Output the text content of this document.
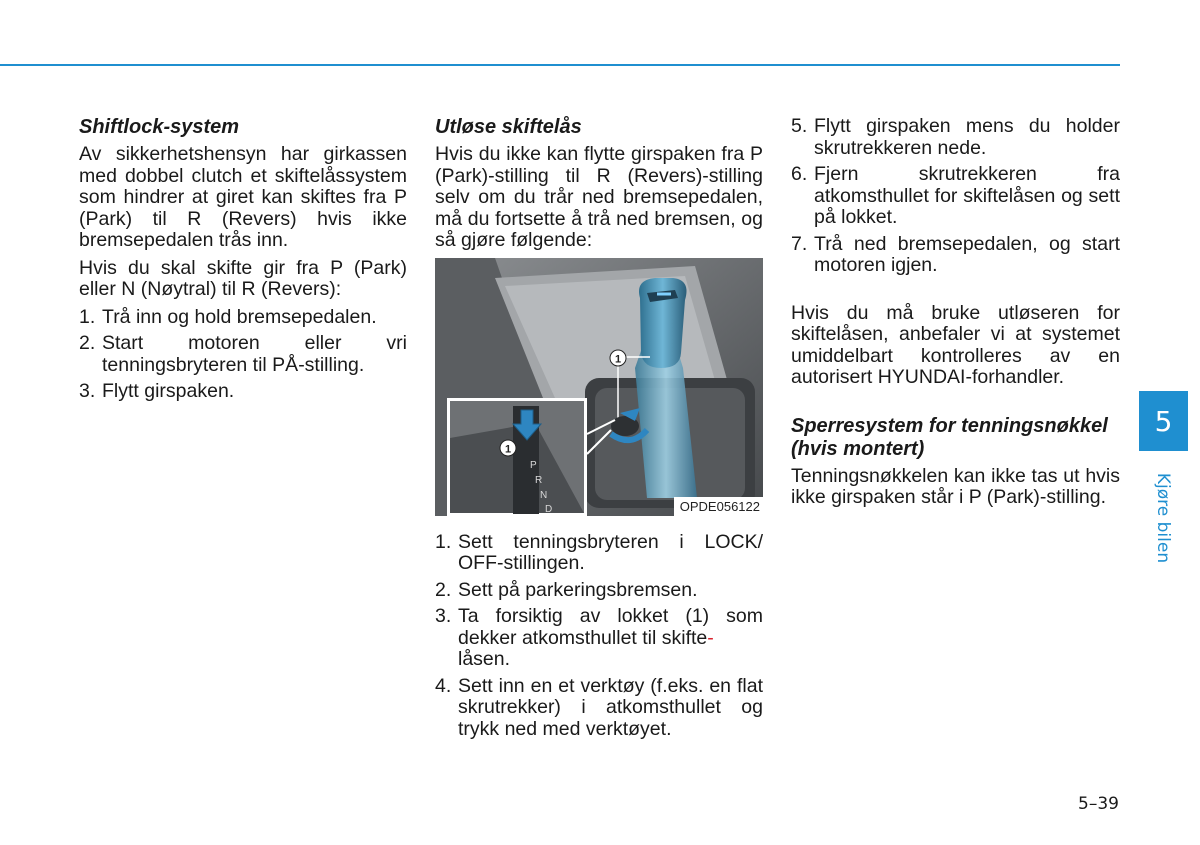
Shiftlock-system

Av sikkerhetshensyn har girkassen med dobbel clutch et skiftelåssystem som hindrer at giret kan skiftes fra P (Park) til R (Revers) hvis ikke bremsepedalen trås inn.

Hvis du skal skifte gir fra P (Park) eller N (Nøytral) til R (Revers):

1. Trå inn og hold bremsepedalen.
2. Start motoren eller vri tenningsbryteren til PÅ-stilling.
3. Flytt girspaken.
Utløse skiftelås

Hvis du ikke kan flytte girspaken fra P (Park)-stilling til R (Revers)-stilling selv om du trår ned bremsepedalen, må du fortsette å trå ned bremsen, og så gjøre følgende:

1
1
P
R
N
D	OPDE056122
1. Sett tenningsbryteren i LOCK/ OFF-stillingen.
2. Sett på parkeringsbremsen.
3. Ta forsiktig av lokket (1) som dekker atkomsthullet til skifte-
låsen.
4. Sett inn en et verktøy (f.eks. en flat skrutrekker) i atkomsthullet og trykk ned med verktøyet.
5. Flytt girspaken mens du holder skrutrekkeren nede.
6. Fjern skrutrekkeren fra atkomsthullet for skiftelåsen og sett på lokket.
7. Trå ned bremsepedalen, og start motoren igjen.

Hvis du må bruke utløseren for skiftelåsen, anbefaler vi at systemet umiddelbart kontrolleres av en autorisert HYUNDAI-forhandler.

Sperresystem for tenningsnøkkel (hvis montert)

Tenningsnøkkelen kan ikke tas ut hvis ikke girspaken står i P (Park)-stilling.

5
Kjøre bilen
5–39
